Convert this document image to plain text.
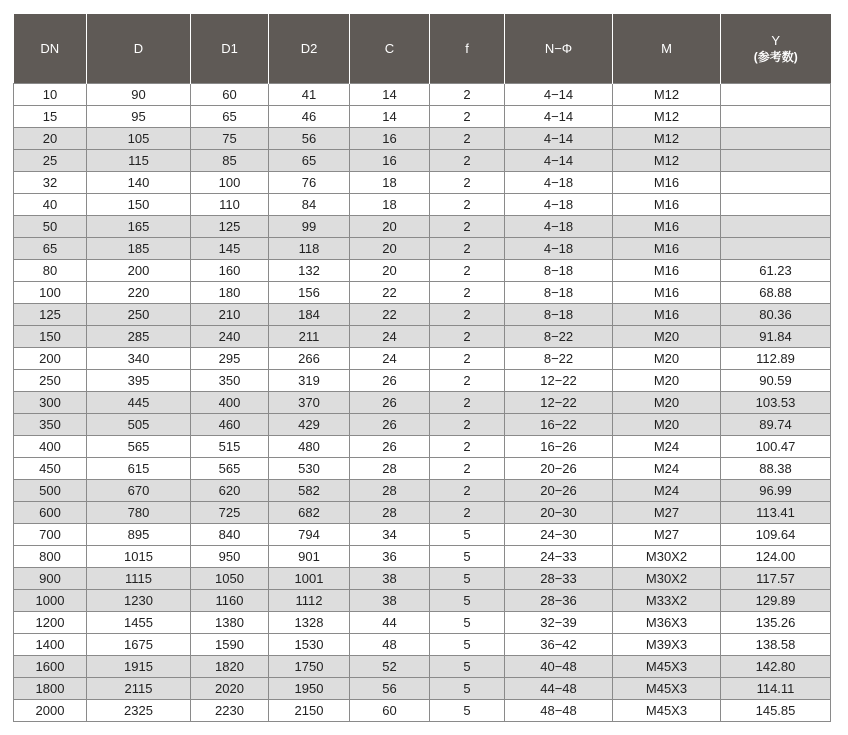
DN	D	D1	D2	C	f	N−Φ	M	Y
(参考数)

10	90	60	41	14	2	4−14	M12	
15	95	65	46	14	2	4−14	M12	
20	105	75	56	16	2	4−14	M12	
25	115	85	65	16	2	4−14	M12	
32	140	100	76	18	2	4−18	M16	
40	150	110	84	18	2	4−18	M16	
50	165	125	99	20	2	4−18	M16	
65	185	145	118	20	2	4−18	M16	
80	200	160	132	20	2	8−18	M16	61.23
100	220	180	156	22	2	8−18	M16	68.88
125	250	210	184	22	2	8−18	M16	80.36
150	285	240	211	24	2	8−22	M20	91.84
200	340	295	266	24	2	8−22	M20	112.89
250	395	350	319	26	2	12−22	M20	90.59
300	445	400	370	26	2	12−22	M20	103.53
350	505	460	429	26	2	16−22	M20	89.74
400	565	515	480	26	2	16−26	M24	100.47
450	615	565	530	28	2	20−26	M24	88.38
500	670	620	582	28	2	20−26	M24	96.99
600	780	725	682	28	2	20−30	M27	113.41
700	895	840	794	34	5	24−30	M27	109.64
800	1015	950	901	36	5	24−33	M30X2	124.00
900	1115	1050	1001	38	5	28−33	M30X2	117.57
1000	1230	1160	1112	38	5	28−36	M33X2	129.89
1200	1455	1380	1328	44	5	32−39	M36X3	135.26
1400	1675	1590	1530	48	5	36−42	M39X3	138.58
1600	1915	1820	1750	52	5	40−48	M45X3	142.80
1800	2115	2020	1950	56	5	44−48	M45X3	114.11
2000	2325	2230	2150	60	5	48−48	M45X3	145.85
